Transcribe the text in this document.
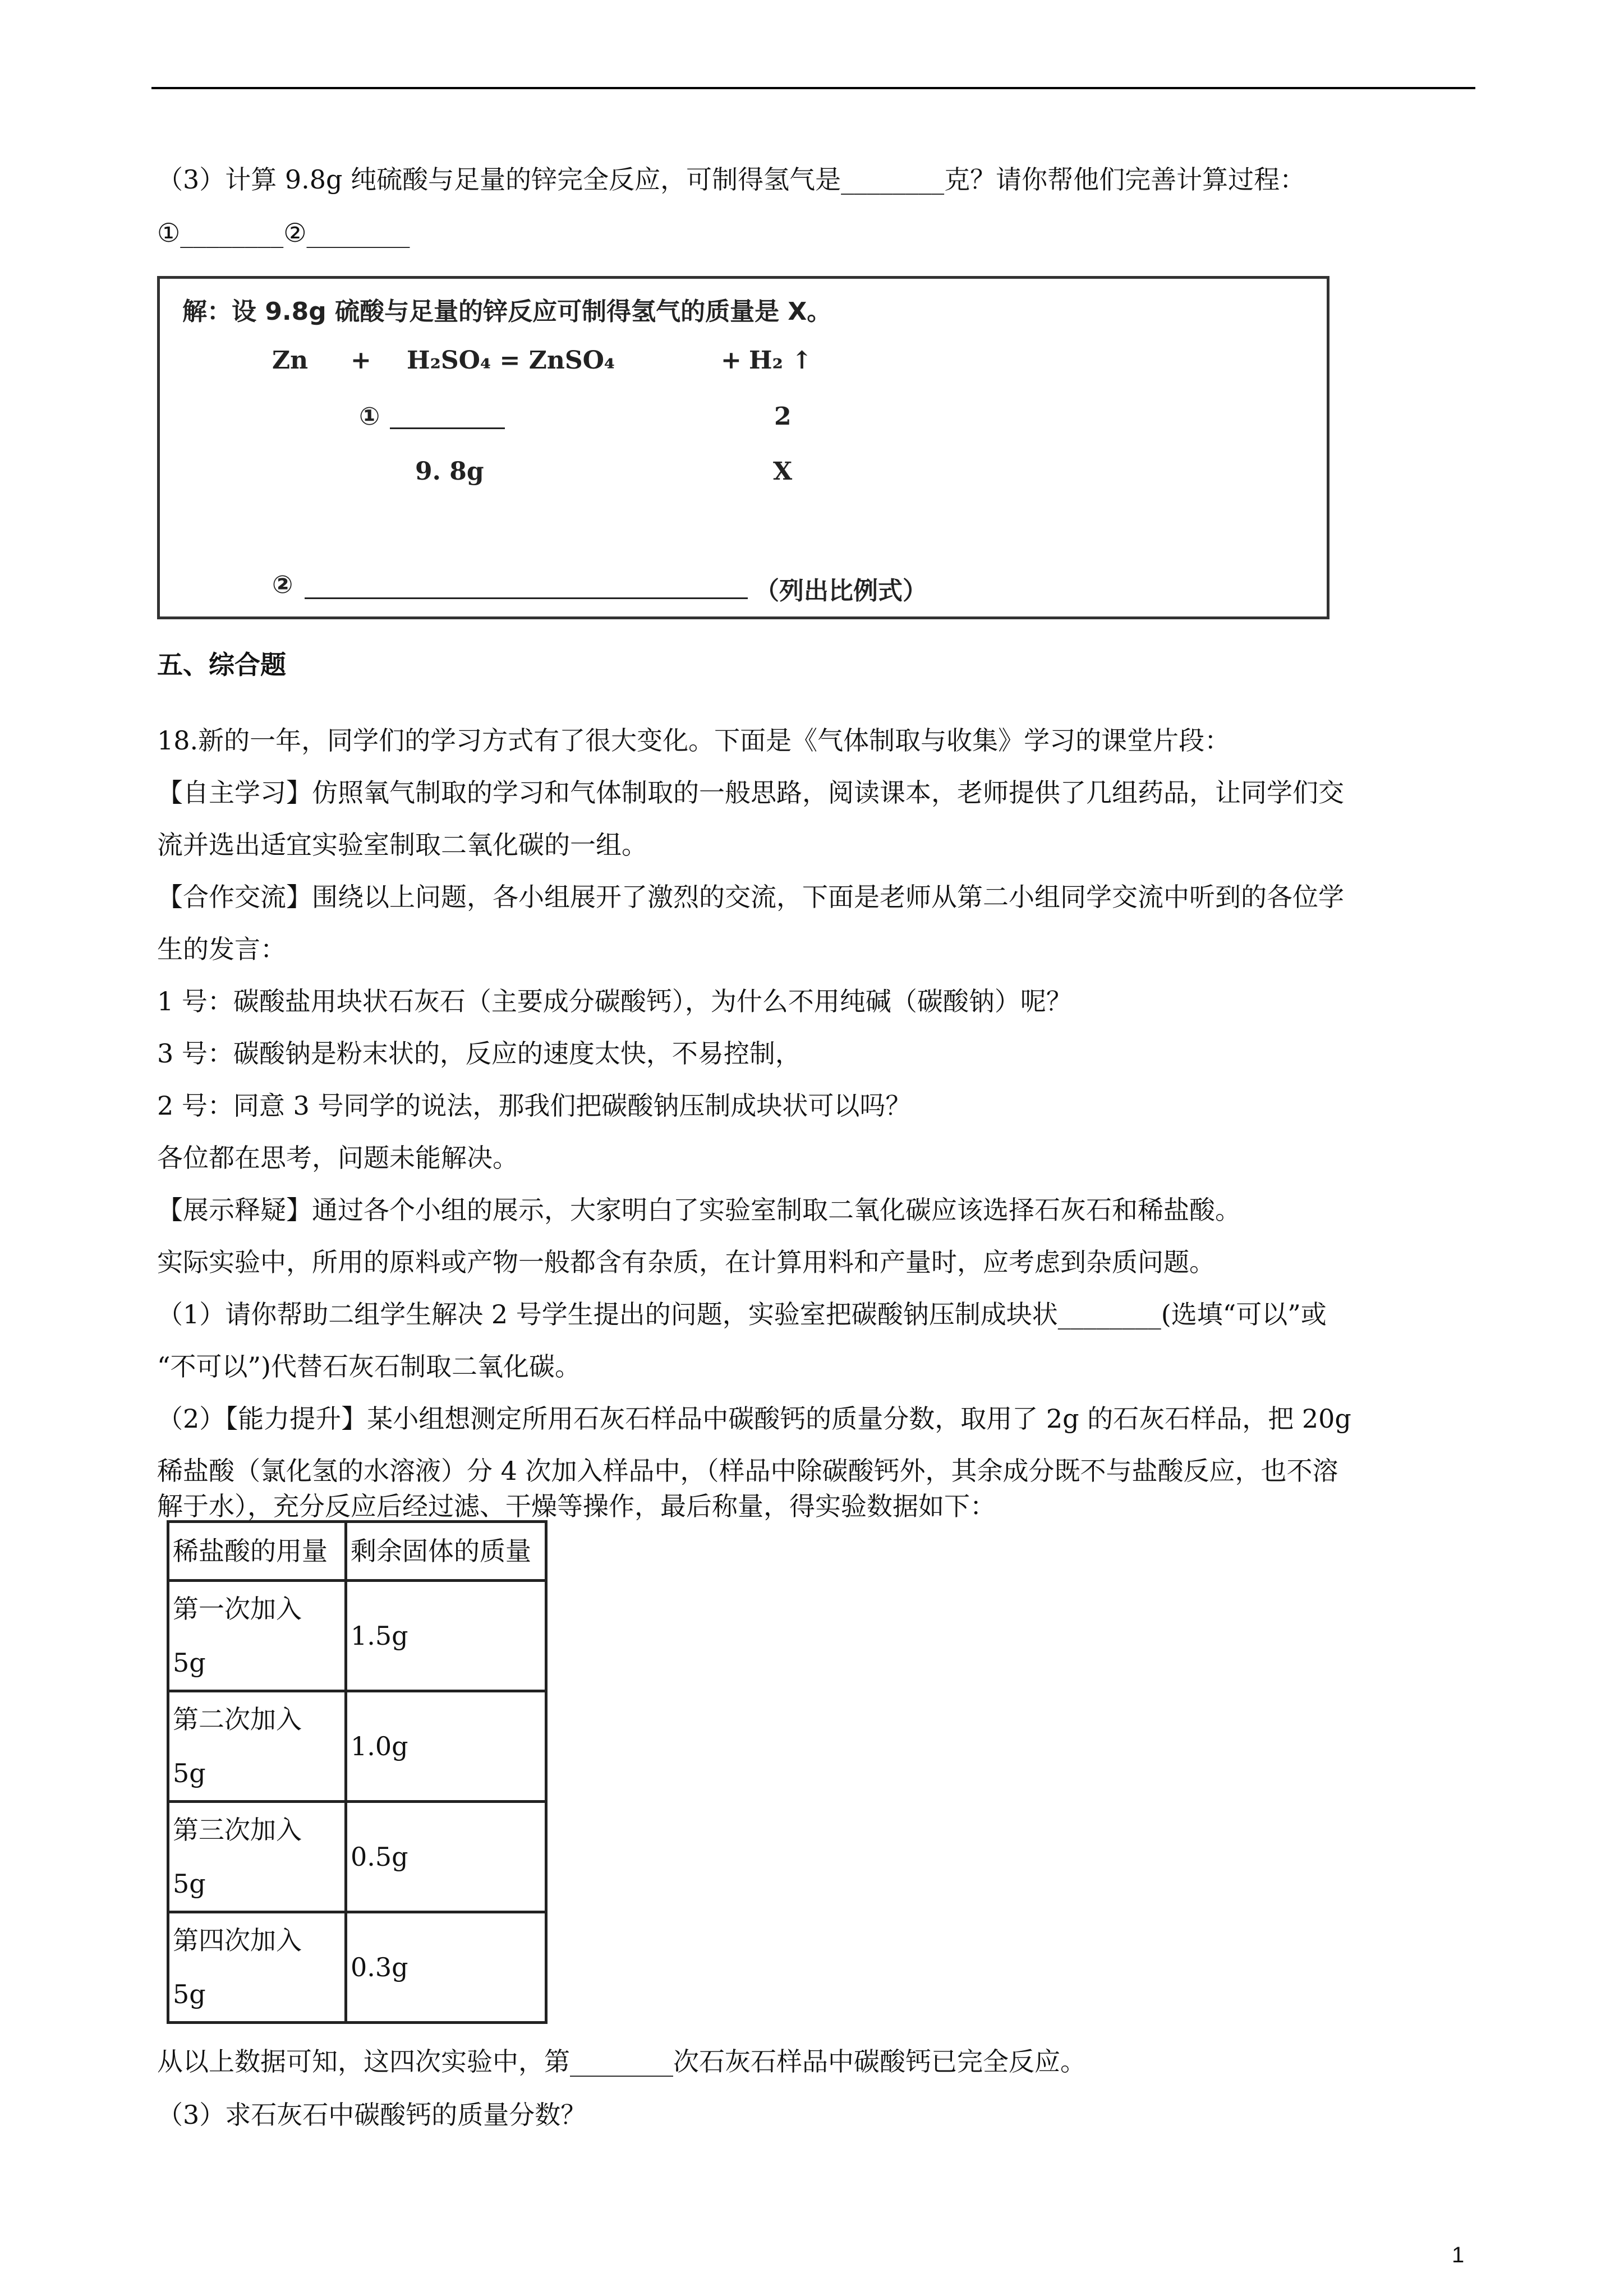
（3）计算 9.8g 纯硫酸与足量的锌完全反应，可制得氢气是________克？请你帮他们完善计算过程：
①________②________
解：设 9.8g 硫酸与足量的锌反应可制得氢气的质量是 X。
Zn + H₂SO₄ = ZnSO₄	+ H₂ ↑
①	2
9. 8g	X
②	（列出比例式）
五、综合题
18.新的一年，同学们的学习方式有了很大变化。下面是《气体制取与收集》学习的课堂片段：
【自主学习】仿照氧气制取的学习和气体制取的一般思路，阅读课本，老师提供了几组药品，让同学们交
流并选出适宜实验室制取二氧化碳的一组。
【合作交流】围绕以上问题，各小组展开了激烈的交流，下面是老师从第二小组同学交流中听到的各位学
生的发言：
1 号：碳酸盐用块状石灰石（主要成分碳酸钙），为什么不用纯碱（碳酸钠）呢？
3 号：碳酸钠是粉末状的，反应的速度太快，不易控制，
2 号：同意 3 号同学的说法，那我们把碳酸钠压制成块状可以吗？
各位都在思考，问题未能解决。
【展示释疑】通过各个小组的展示，大家明白了实验室制取二氧化碳应该选择石灰石和稀盐酸。
实际实验中，所用的原料或产物一般都含有杂质，在计算用料和产量时，应考虑到杂质问题。
（1）请你帮助二组学生解决 2 号学生提出的问题，实验室把碳酸钠压制成块状________(选填“可以”或
“不可以”)代替石灰石制取二氧化碳。
（2）【能力提升】某小组想测定所用石灰石样品中碳酸钙的质量分数，取用了 2g 的石灰石样品，把 20g
稀盐酸（氯化氢的水溶液）分 4 次加入样品中，（样品中除碳酸钙外，其余成分既不与盐酸反应，也不溶
解于水），充分反应后经过滤、干燥等操作，最后称量，得实验数据如下：
稀盐酸的用量	剩余固体的质量
第一次加入 5g	1.5g
第二次加入 5g	1.0g
第三次加入 5g	0.5g
第四次加入 5g	0.3g
从以上数据可知，这四次实验中，第________次石灰石样品中碳酸钙已完全反应。
（3）求石灰石中碳酸钙的质量分数？
1
